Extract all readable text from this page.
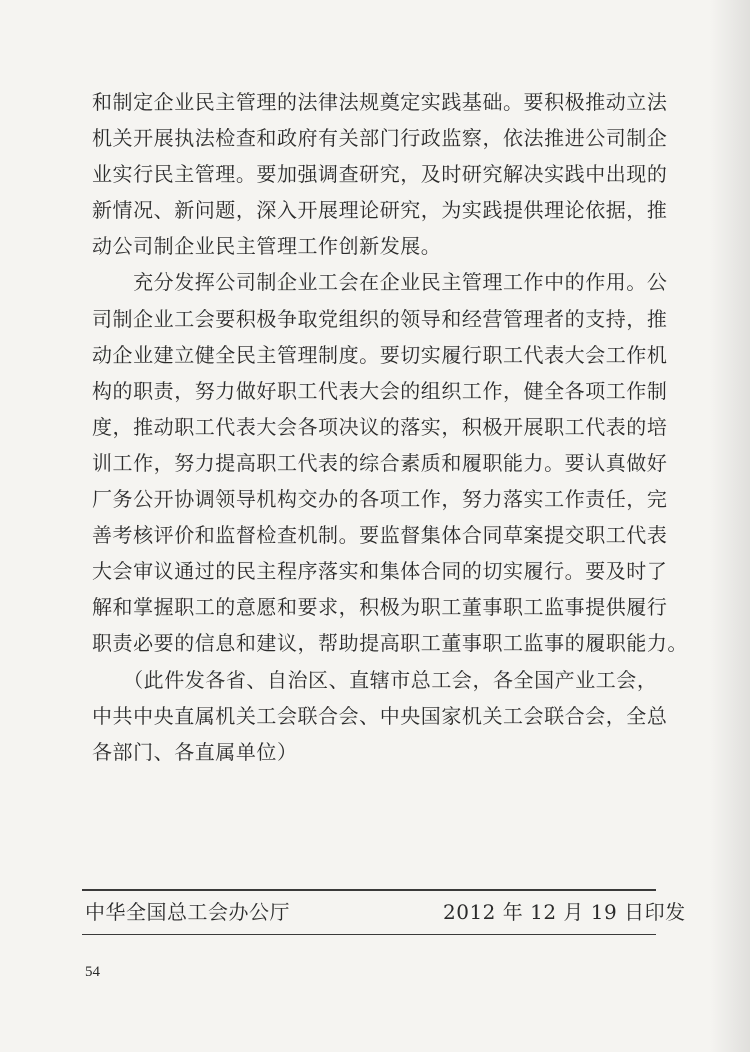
和制定企业民主管理的法律法规奠定实践基础。要积极推动立法
机关开展执法检查和政府有关部门行政监察，依法推进公司制企
业实行民主管理。要加强调查研究，及时研究解决实践中出现的
新情况、新问题，深入开展理论研究，为实践提供理论依据，推
动公司制企业民主管理工作创新发展。
　　充分发挥公司制企业工会在企业民主管理工作中的作用。公
司制企业工会要积极争取党组织的领导和经营管理者的支持，推
动企业建立健全民主管理制度。要切实履行职工代表大会工作机
构的职责，努力做好职工代表大会的组织工作，健全各项工作制
度，推动职工代表大会各项决议的落实，积极开展职工代表的培
训工作，努力提高职工代表的综合素质和履职能力。要认真做好
厂务公开协调领导机构交办的各项工作，努力落实工作责任，完
善考核评价和监督检查机制。要监督集体合同草案提交职工代表
大会审议通过的民主程序落实和集体合同的切实履行。要及时了
解和掌握职工的意愿和要求，积极为职工董事职工监事提供履行
职责必要的信息和建议，帮助提高职工董事职工监事的履职能力。
　　（此件发各省、自治区、直辖市总工会，各全国产业工会，
中共中央直属机关工会联合会、中央国家机关工会联合会，全总
各部门、各直属单位）
中华全国总工会办公厅	2012 年 12 月 19 日印发
54
